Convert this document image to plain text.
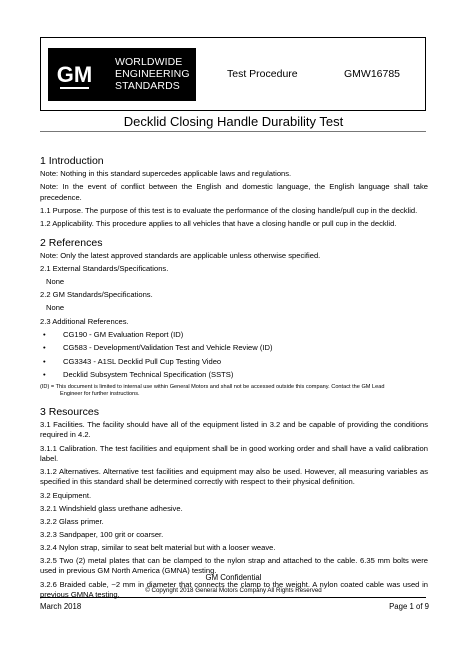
GM	WORLDWIDE
ENGINEERING
STANDARDS
Test Procedure	GMW16785
Decklid Closing Handle Durability Test
1 Introduction
Note: Nothing in this standard supercedes applicable laws and regulations.
Note: In the event of conflict between the English and domestic language, the English language shall take precedence.
1.1 Purpose. The purpose of this test is to evaluate the performance of the closing handle/pull cup in the decklid.
1.2 Applicability. This procedure applies to all vehicles that have a closing handle or pull cup in the decklid.
2 References
Note: Only the latest approved standards are applicable unless otherwise specified.
2.1 External Standards/Specifications.
None
2.2 GM Standards/Specifications.
None
2.3 Additional References.
• CG190 - GM Evaluation Report (ID)
• CG583 - Development/Validation Test and Vehicle Review (ID)
• CG3343 - A1SL Decklid Pull Cup Testing Video
• Decklid Subsystem Technical Specification (SSTS)
(ID) = This document is limited to internal use within General Motors and shall not be accessed outside this company. Contact the GM Lead
Engineer for further instructions.
3 Resources
3.1 Facilities. The facility should have all of the equipment listed in 3.2 and be capable of providing the conditions required in 4.2.
3.1.1 Calibration. The test facilities and equipment shall be in good working order and shall have a valid calibration label.
3.1.2 Alternatives. Alternative test facilities and equipment may also be used. However, all measuring variables as specified in this standard shall be determined correctly with respect to their physical definition.
3.2 Equipment.
3.2.1 Windshield glass urethane adhesive.
3.2.2 Glass primer.
3.2.3 Sandpaper, 100 grit or coarser.
3.2.4 Nylon strap, similar to seat belt material but with a looser weave.
3.2.5 Two (2) metal plates that can be clamped to the nylon strap and attached to the cable. 6.35 mm bolts were used in previous GM North America (GMNA) testing.
3.2.6 Braided cable, ~2 mm in diameter that connects the clamp to the weight. A nylon coated cable was used in previous GMNA testing.
GM Confidential
© Copyright 2018 General Motors Company All Rights Reserved
March 2018	Page 1 of 9
